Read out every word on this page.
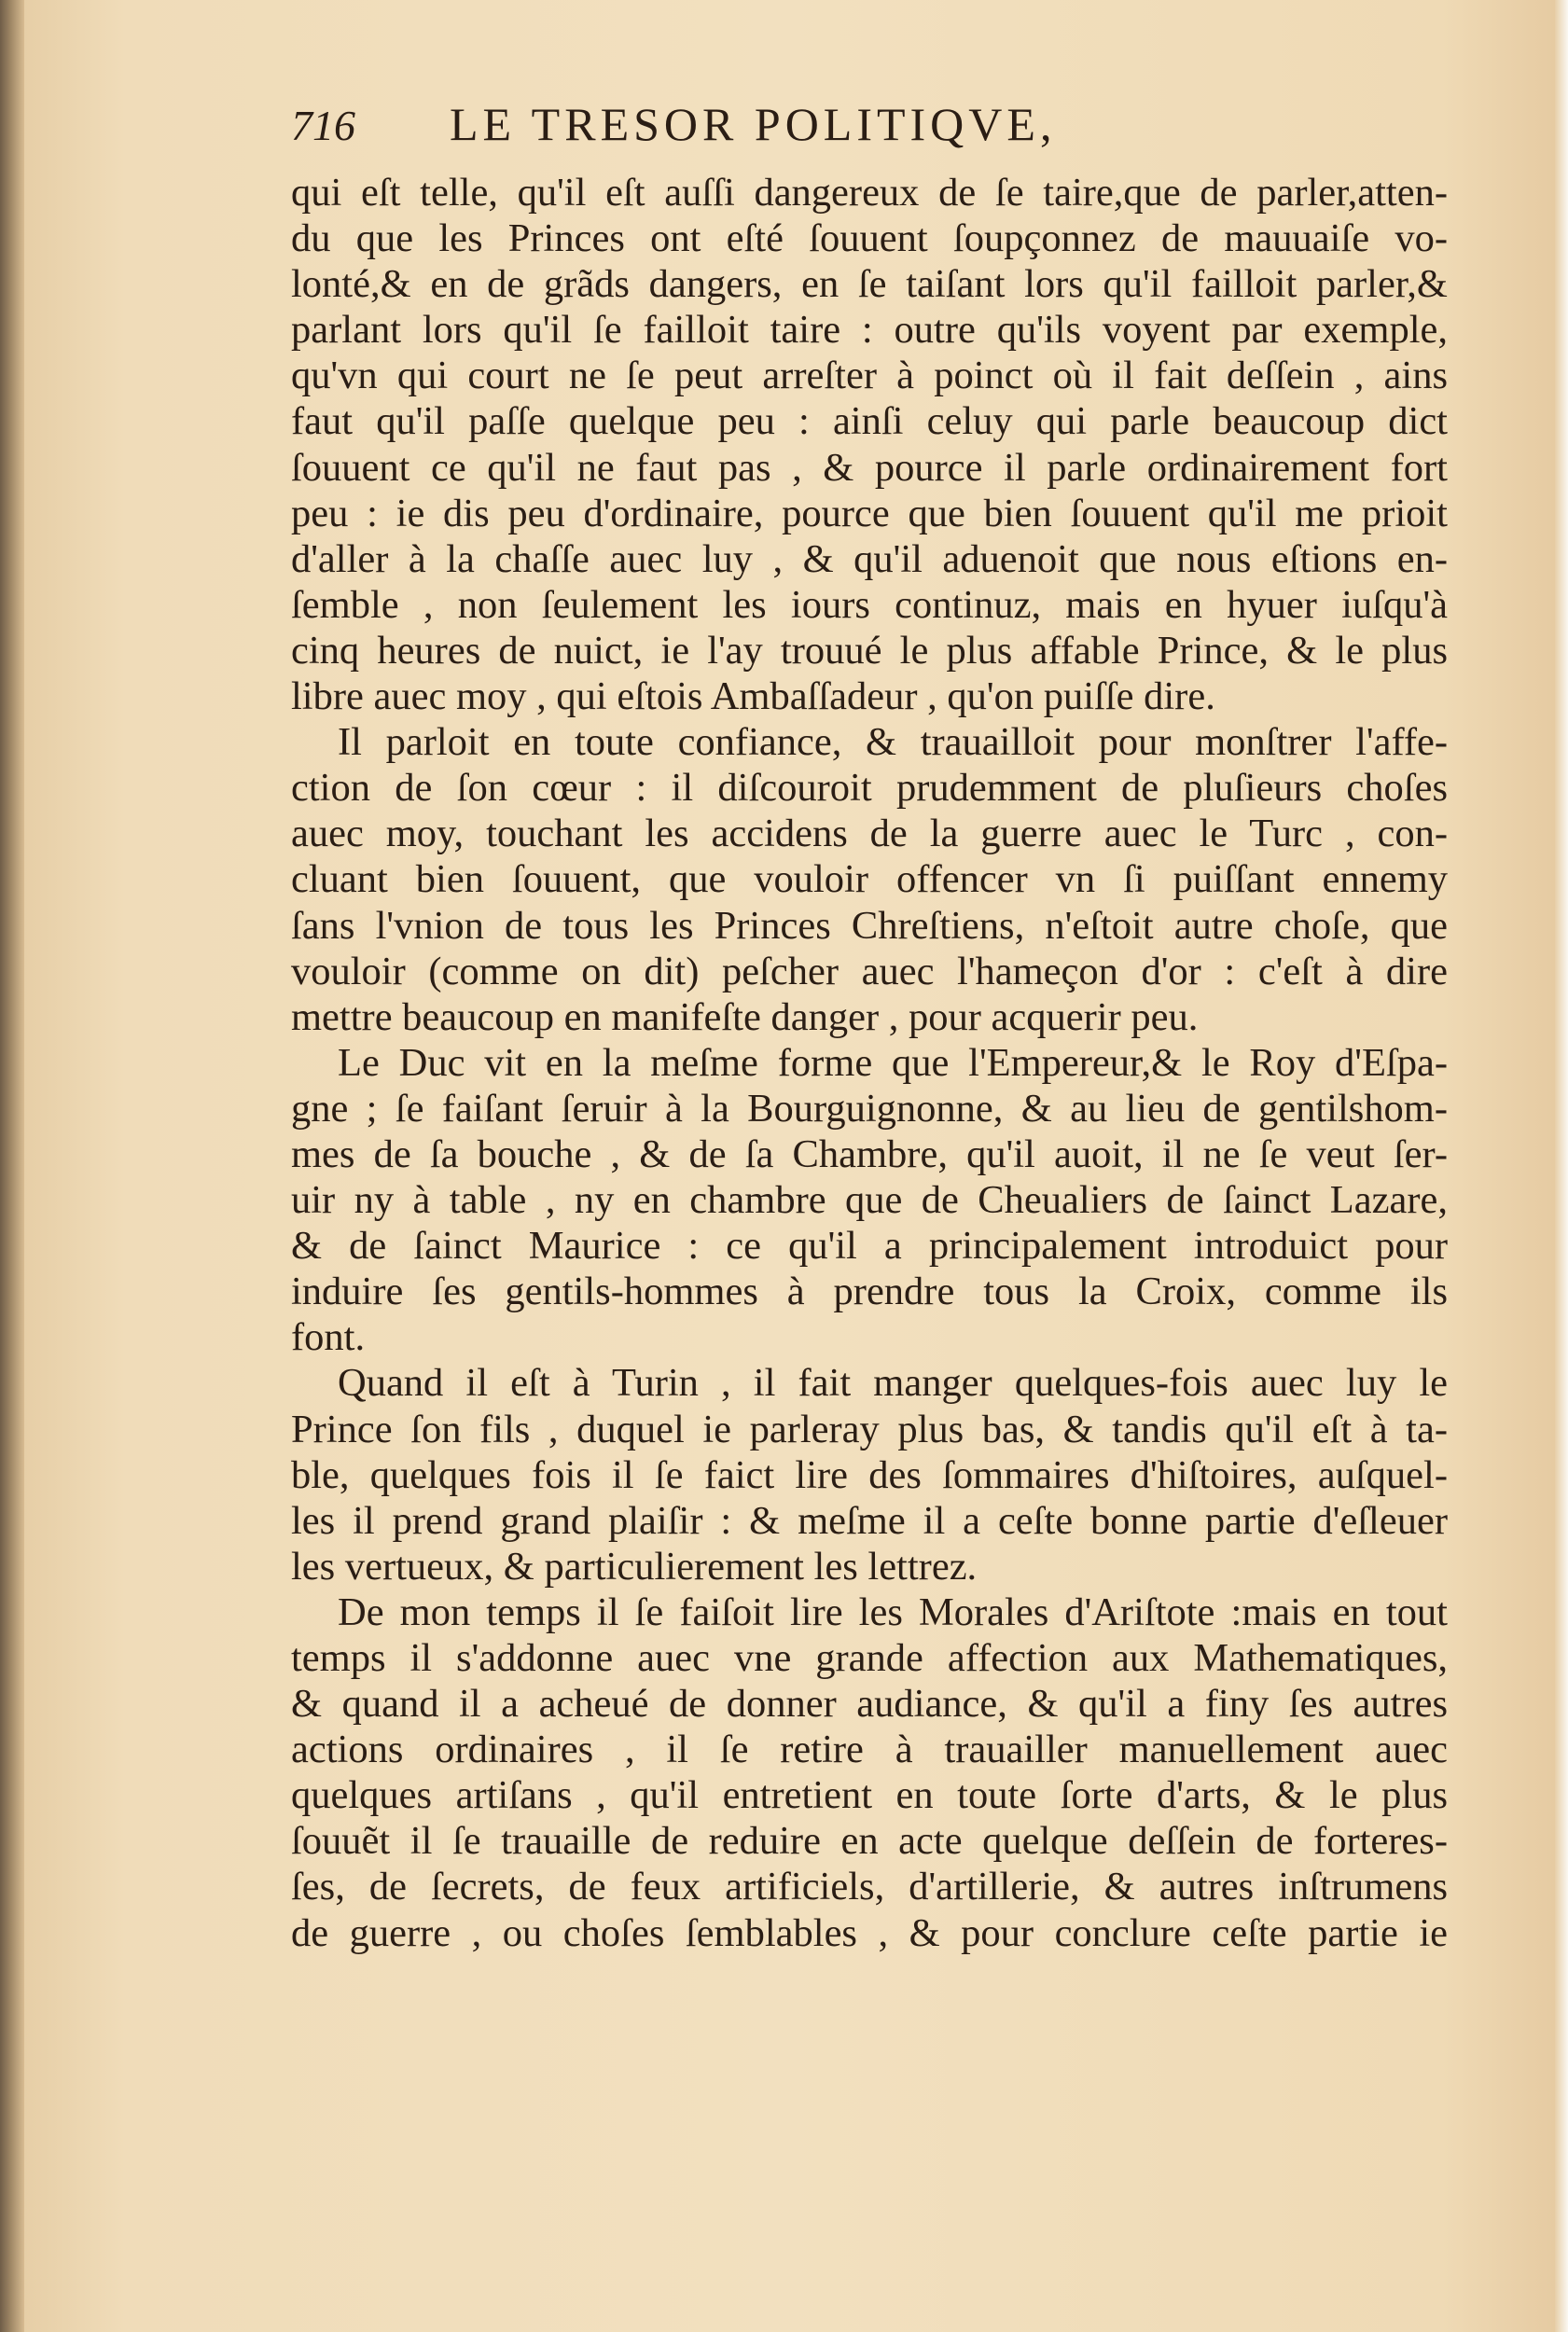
716	LE TRESOR POLITIQVE,
qui eſt telle, qu'il eſt auſſi dangereux de ſe taire,que de parler,atten-
du que les Princes ont eſté ſouuent ſoupçonnez de mauuaiſe vo-
lonté,& en de grãds dangers, en ſe taiſant lors qu'il failloit parler,&
parlant lors qu'il ſe failloit taire : outre qu'ils voyent par exemple,
qu'vn qui court ne ſe peut arreſter à poinct où il fait deſſein , ains
faut qu'il paſſe quelque peu : ainſi celuy qui parle beaucoup dict
ſouuent ce qu'il ne faut pas , & pource il parle ordinairement fort
peu : ie dis peu d'ordinaire, pource que bien ſouuent qu'il me prioit
d'aller à la chaſſe auec luy , & qu'il aduenoit que nous eſtions en-
ſemble , non ſeulement les iours continuz, mais en hyuer iuſqu'à
cinq heures de nuict, ie l'ay trouué le plus affable Prince, & le plus
libre auec moy , qui eſtois Ambaſſadeur , qu'on puiſſe dire.
Il parloit en toute confiance, & trauailloit pour monſtrer l'affe-
ction de ſon cœur : il diſcouroit prudemment de pluſieurs choſes
auec moy, touchant les accidens de la guerre auec le Turc , con-
cluant bien ſouuent, que vouloir offencer vn ſi puiſſant ennemy
ſans l'vnion de tous les Princes Chreſtiens, n'eſtoit autre choſe, que
vouloir (comme on dit) peſcher auec l'hameçon d'or : c'eſt à dire
mettre beaucoup en manifeſte danger , pour acquerir peu.
Le Duc vit en la meſme forme que l'Empereur,& le Roy d'Eſpa-
gne ; ſe faiſant ſeruir à la Bourguignonne, & au lieu de gentilshom-
mes de ſa bouche , & de ſa Chambre, qu'il auoit, il ne ſe veut ſer-
uir ny à table , ny en chambre que de Cheualiers de ſainct Lazare,
& de ſainct Maurice : ce qu'il a principalement introduict pour
induire ſes gentils-hommes à prendre tous la Croix, comme ils
font.
Quand il eſt à Turin , il fait manger quelques-fois auec luy le
Prince ſon fils , duquel ie parleray plus bas, & tandis qu'il eſt à ta-
ble, quelques fois il ſe faict lire des ſommaires d'hiſtoires, auſquel-
les il prend grand plaiſir : & meſme il a ceſte bonne partie d'eſleuer
les vertueux, & particulierement les lettrez.
De mon temps il ſe faiſoit lire les Morales d'Ariſtote :mais en tout
temps il s'addonne auec vne grande affection aux Mathematiques,
& quand il a acheué de donner audiance, & qu'il a finy ſes autres
actions ordinaires , il ſe retire à trauailler manuellement auec
quelques artiſans , qu'il entretient en toute ſorte d'arts, & le plus
ſouuẽt il ſe trauaille de reduire en acte quelque deſſein de forteres-
ſes, de ſecrets, de feux artificiels, d'artillerie, & autres inſtrumens
de guerre , ou choſes ſemblables , & pour conclure ceſte partie ie
